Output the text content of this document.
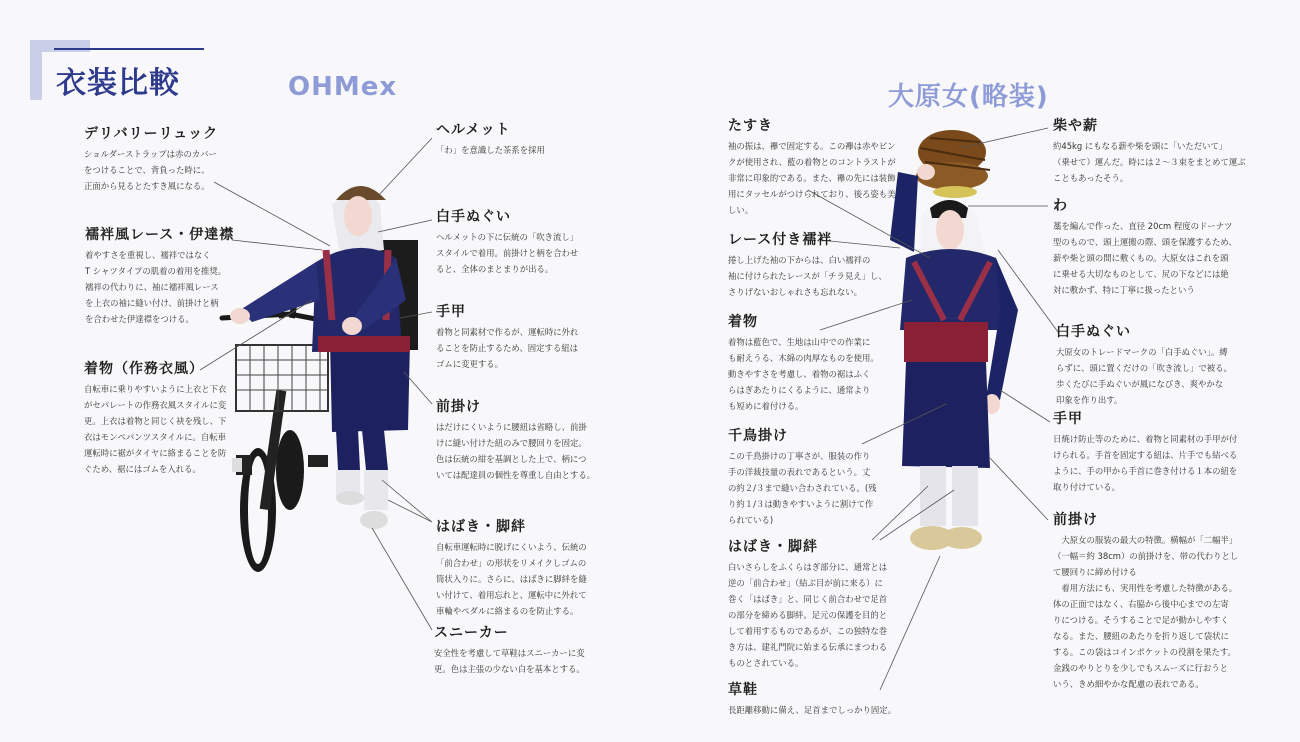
衣装比較	OHMex	大原女(略装)
デリバリーリュック
ショルダーストラップは赤のカバー
をつけることで、背負った時に、
正面から見るとたすき風になる。
ヘルメット
「わ」を意識した茶系を採用
白手ぬぐい
ヘルメットの下に伝統の「吹き流し」
スタイルで着用。前掛けと柄を合わせ
ると、全体のまとまりが出る。
襦袢風レース・伊達襟
着やすさを重視し、襦袢ではなく
T シャツタイプの肌着の着用を推奨。
襦袢の代わりに、袖に襦袢風レース
を上衣の袖に縫い付け、前掛けと柄
を合わせた伊達襟をつける。	手甲
着物と同素材で作るが、運転時に外れ
ることを防止するため、固定する紐は
ゴムに変更する。
着物（作務衣風）
自転車に乗りやすいように上衣と下衣
がセパレートの作務衣風スタイルに変
更。上衣は着物と同じく袂を残し、下
衣はモンペパンツスタイルに。自転車
運転時に裾がタイヤに絡まることを防
ぐため、裾にはゴムを入れる。
前掛け
はだけにくいように腰紐は省略し、前掛
けに縫い付けた紐のみで腰回りを固定。
色は伝統の紺を基調とした上で、柄につ
いては配達員の個性を尊重し自由とする。
はばき・脚絆
自転車運転時に脱げにくいよう、伝統の
「前合わせ」の形状をリメイクしゴムの
筒状入りに。さらに、はばきに脚絆を縫
い付けて、着用忘れと、運転中に外れて
車輪やペダルに絡まるのを防止する。
スニーカー
安全性を考慮して草鞋はスニーカーに変
更。色は主張の少ない白を基本とする。
たすき
袖の振は、襷で固定する。この襷は赤やピン
クが使用され、藍の着物とのコントラストが
非常に印象的である。また、襷の先には装飾
用にタッセルがつけられており、後ろ姿も美
しい。
柴や薪
約45kg にもなる薪や柴を頭に「いただいて」
（乗せて）運んだ。時には２〜３束をまとめて運ぶ
こともあったそう。
わ
藁を編んで作った、直径 20cm 程度のドーナツ
型のもので、頭上運搬の際、頭を保護するため、
薪や柴と頭の間に敷くもの。大原女はこれを頭
に乗せる大切なものとして、尻の下などには絶
対に敷かず、特に丁寧に扱ったという
レース付き襦袢
捲し上げた袖の下からは、白い襦袢の
袖に付けられたレースが「チラ見え」し、
さりげないおしゃれさも忘れない。
着物
着物は藍色で、生地は山中での作業に
も耐えうる、木綿の肉厚なものを使用。
動きやすさを考慮し、着物の裾はふく
らはぎあたりにくるように、通常より
も短めに着付ける。
白手ぬぐい
大原女のトレードマークの「白手ぬぐい」。縛
らずに、頭に置くだけの「吹き流し」で被る。
歩くたびに手ぬぐいが風になびき、爽やかな
印象を作り出す。
千鳥掛け
この千鳥掛けの丁寧さが、服装の作り
手の洋裁技量の表れであるという。丈
の約２/３まで縫い合わされている。(残
り約１/３は動きやすいように割けて作
られている)
手甲
日焼け防止等のために、着物と同素材の手甲が付
けられる。手首を固定する紐は、片手でも結べる
ように、手の甲から手首に巻き付ける１本の紐を
取り付けている。
はばき・脚絆
白いさらしをふくらはぎ部分に、通常とは
逆の「前合わせ」（結ぶ目が前に来る）に
巻く「はばき」と、同じく前合わせで足首
の部分を締める脚絆。足元の保護を目的と
して着用するものであるが、この独特な巻
き方は、建礼門院に始まる伝承にまつわる
ものとされている。
前掛け
　大原女の服装の最大の特徴。横幅が「二幅半」
（一幅＝約 38cm）の前掛けを、帯の代わりとし
て腰回りに締め付ける
　着用方法にも、実用性を考慮した特徴がある。
体の正面ではなく、右脇から後中心までの左寄
りにつける。そうすることで足が動かしやすく
なる。また、腰紐のあたりを折り返して袋状に
する。この袋はコインポケットの役割を果たす。
金銭のやりとりを少しでもスムーズに行おうと
いう、きめ細やかな配慮の表れである。
草鞋
長距離移動に備え、足首までしっかり固定。
